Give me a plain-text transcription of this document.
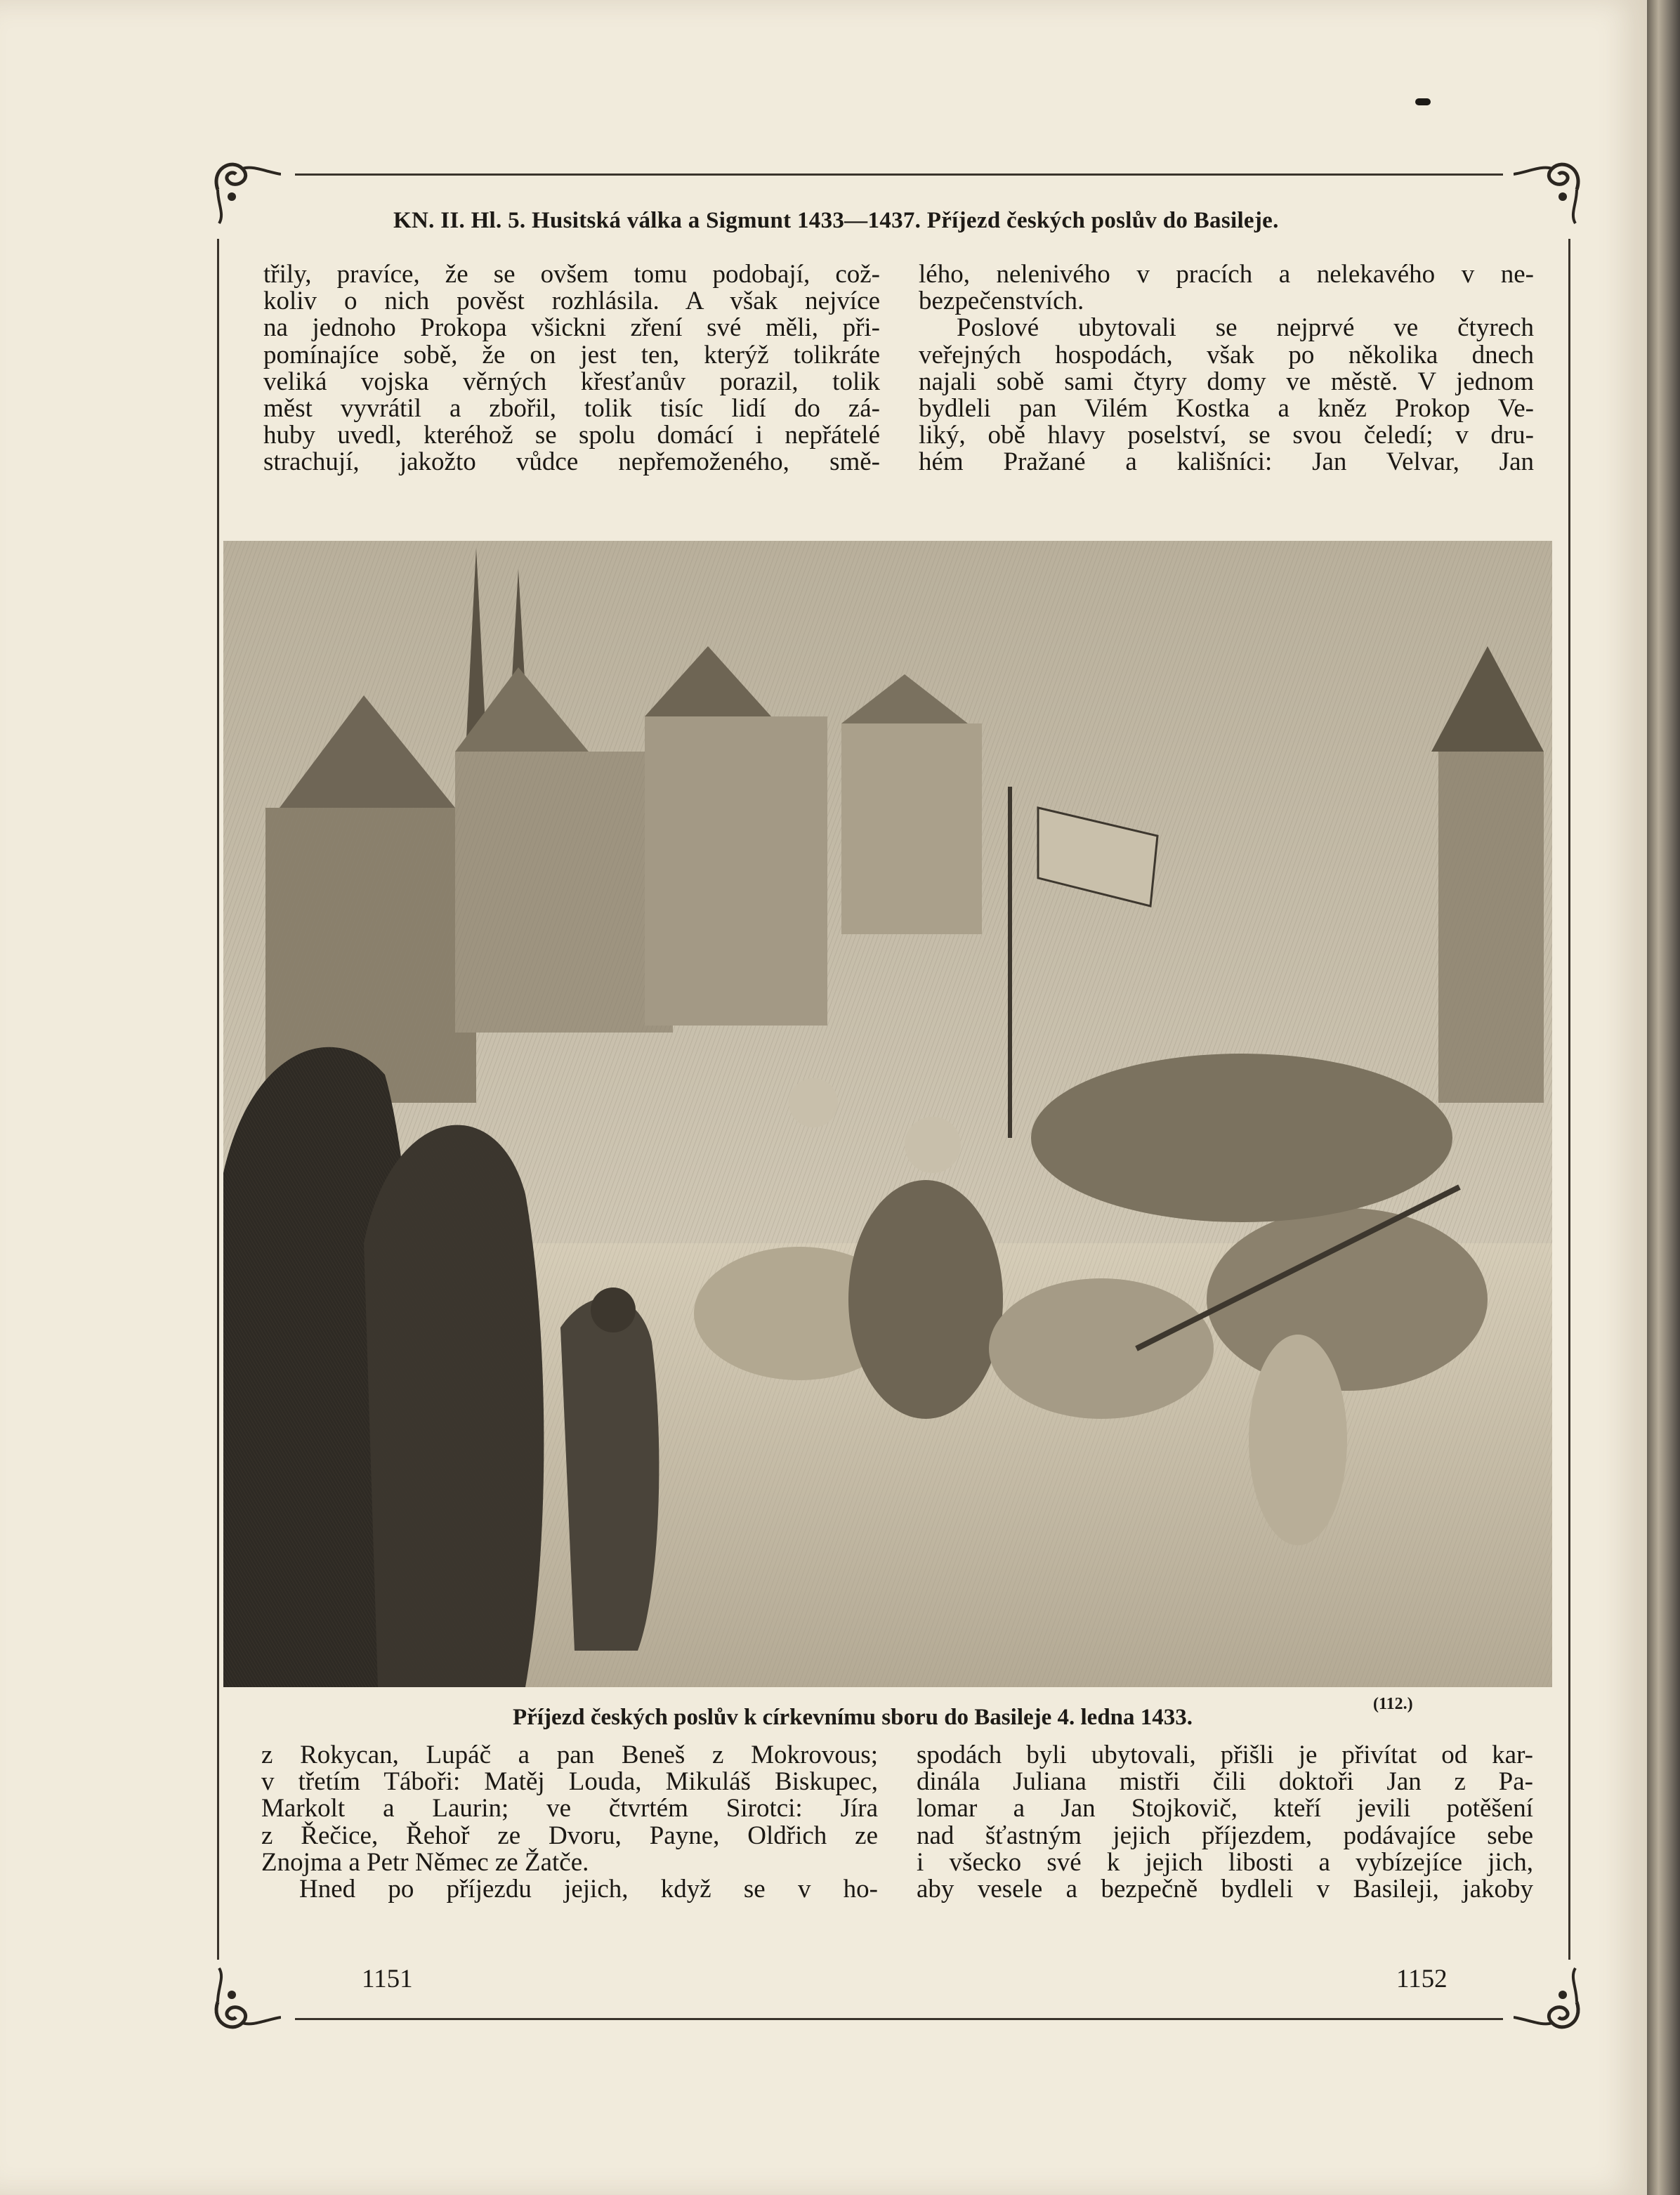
KN. II. Hl. 5. Husitská válka a Sigmunt 1433—1437. Příjezd českých poslův do Basileje.
třily, pravíce, že se ovšem tomu podobají, což-
koliv o nich pověst rozhlásila. A však nejvíce
na jednoho Prokopa všickni zření své měli, při-
pomínajíce sobě, že on jest ten, kterýž tolikráte
veliká vojska věrných křesťanův porazil, tolik
měst vyvrátil a zbořil, tolik tisíc lidí do zá-
huby uvedl, kteréhož se spolu domácí i nepřátelé
strachují, jakožto vůdce nepřemoženého, smě-
lého, nelenivého v pracích a nelekavého v ne-
bezpečenstvích.
Poslové ubytovali se nejprvé ve čtyrech
veřejných hospodách, však po několika dnech
najali sobě sami čtyry domy ve městě. V jednom
bydleli pan Vilém Kostka a kněz Prokop Ve-
liký, obě hlavy poselství, se svou čeledí; v dru-
hém Pražané a kališníci: Jan Velvar, Jan
Příjezd českých poslův k církevnímu sboru do Basileje 4. ledna 1433.
(112.)
z Rokycan, Lupáč a pan Beneš z Mokrovous;
v třetím Táboři: Matěj Louda, Mikuláš Biskupec,
Markolt a Laurin; ve čtvrtém Sirotci: Jíra
z Řečice, Řehoř ze Dvoru, Payne, Oldřich ze
Znojma a Petr Němec ze Žatče.
Hned po příjezdu jejich, když se v ho-
spodách byli ubytovali, přišli je přivítat od kar-
dinála Juliana mistři čili doktoři Jan z Pa-
lomar a Jan Stojkovič, kteří jevili potěšení
nad šťastným jejich příjezdem, podávajíce sebe
i všecko své k jejich libosti a vybízejíce jich,
aby vesele a bezpečně bydleli v Basileji, jakoby
1151	1152
